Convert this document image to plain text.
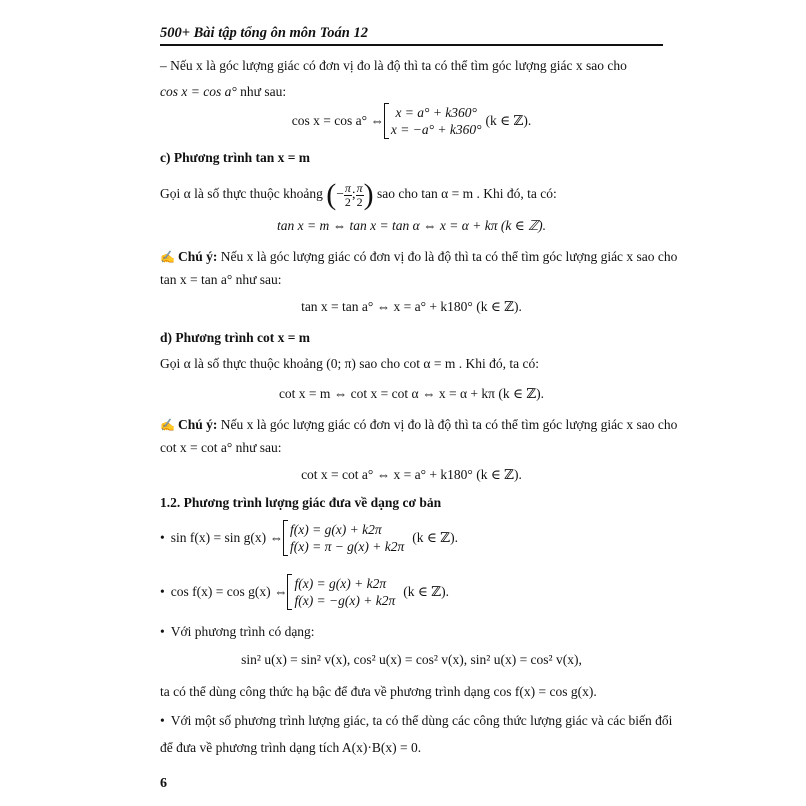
500+ Bài tập tổng ôn môn Toán 12
– Nếu x là góc lượng giác có đơn vị đo là độ thì ta có thể tìm góc lượng giác x sao cho
cos x = cos a° như sau:
cos x = cos a° ⇔
x = a° + k360°
x = −a° + k360°
(k ∈ ℤ).
c) Phương trình tan x = m
Gọi α là số thực thuộc khoảng (− $\frac{\pi}{2}$ ; $\frac{\pi}{2}$ ) sao cho tan α = m . Khi đó, ta có:
tan x = m ⇔ tan x = tan α ⇔ x = α + kπ (k ∈ ℤ).
✍ Chú ý: Nếu x là góc lượng giác có đơn vị đo là độ thì ta có thể tìm góc lượng giác x sao cho
tan x = tan a° như sau:
tan x = tan a° ⇔ x = a° + k180° (k ∈ ℤ).
d) Phương trình cot x = m
Gọi α là số thực thuộc khoảng (0; π) sao cho cot α = m . Khi đó, ta có:
cot x = m ⇔ cot x = cot α ⇔ x = α + kπ (k ∈ ℤ).
✍ Chú ý: Nếu x là góc lượng giác có đơn vị đo là độ thì ta có thể tìm góc lượng giác x sao cho
cot x = cot a° như sau:
cot x = cot a° ⇔ x = a° + k180° (k ∈ ℤ).
1.2. Phương trình lượng giác đưa về dạng cơ bản
• sin f(x) = sin g(x) ⇔
f(x) = g(x) + k2π
f(x) = π − g(x) + k2π
(k ∈ ℤ).
• cos f(x) = cos g(x) ⇔
f(x) = g(x) + k2π
f(x) = −g(x) + k2π
(k ∈ ℤ).
• Với phương trình có dạng:
sin² u(x) = sin² v(x), cos² u(x) = cos² v(x), sin² u(x) = cos² v(x),
ta có thể dùng công thức hạ bậc để đưa về phương trình dạng cos f(x) = cos g(x).
• Với một số phương trình lượng giác, ta có thể dùng các công thức lượng giác và các biến đổi
để đưa về phương trình dạng tích A(x)·B(x) = 0.
6
